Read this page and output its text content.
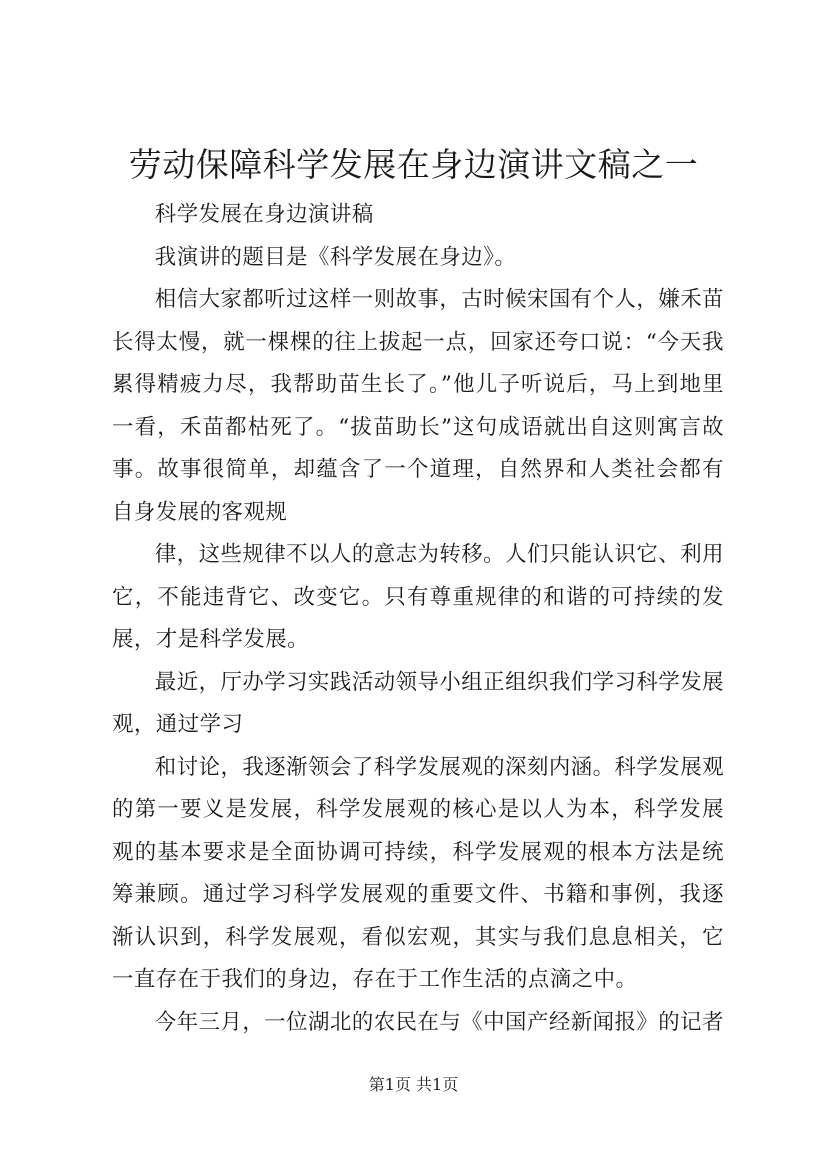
劳动保障科学发展在身边演讲文稿之一

科学发展在身边演讲稿

我演讲的题目是《科学发展在身边》。

相信大家都听过这样一则故事，古时候宋国有个人，嫌禾苗长得太慢，就一棵棵的往上拔起一点，回家还夸口说：“今天我累得精疲力尽，我帮助苗生长了。”他儿子听说后，马上到地里一看，禾苗都枯死了。“拔苗助长”这句成语就出自这则寓言故事。故事很简单，却蕴含了一个道理，自然界和人类社会都有自身发展的客观规

律，这些规律不以人的意志为转移。人们只能认识它、利用它，不能违背它、改变它。只有尊重规律的和谐的可持续的发展，才是科学发展。

最近，厅办学习实践活动领导小组正组织我们学习科学发展观，通过学习

和讨论，我逐渐领会了科学发展观的深刻内涵。科学发展观的第一要义是发展，科学发展观的核心是以人为本，科学发展观的基本要求是全面协调可持续，科学发展观的根本方法是统筹兼顾。通过学习科学发展观的重要文件、书籍和事例，我逐渐认识到，科学发展观，看似宏观，其实与我们息息相关，它一直存在于我们的身边，存在于工作生活的点滴之中。

今年三月，一位湖北的农民在与《中国产经新闻报》的记者

第1页 共1页
